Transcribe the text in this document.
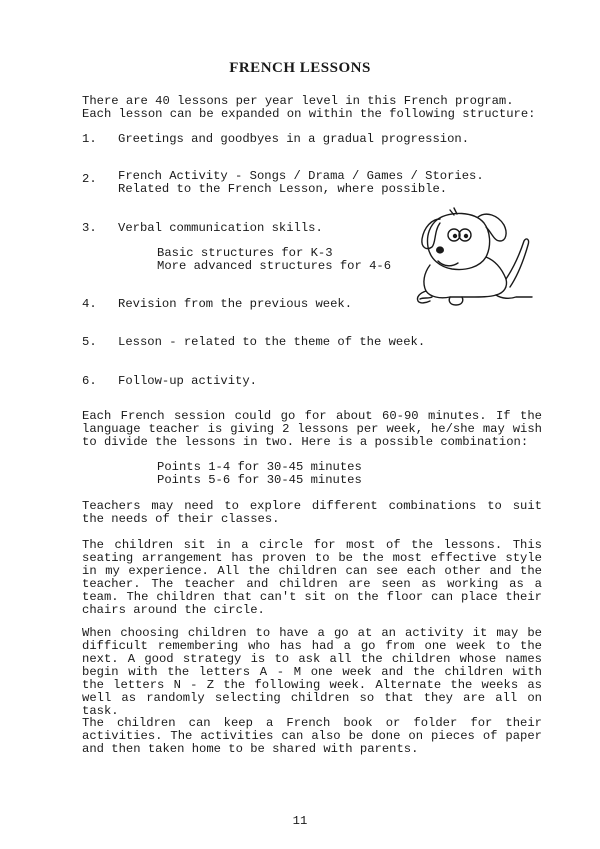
FRENCH LESSONS

There are 40 lessons per year level in this French program.
Each lesson can be expanded on within the following structure:

1. Greetings and goodbyes in a gradual progression.
2. French Activity - Songs / Drama / Games / Stories.
Related to the French Lesson, where possible.
3. Verbal communication skills.
Basic structures for K-3
More advanced structures for 4-6
4. Revision from the previous week.
5. Lesson - related to the theme of the week.
6. Follow-up activity.

Each French session could go for about 60-90 minutes. If the language teacher is giving 2 lessons per week, he/she may wish to divide the lessons in two. Here is a possible combination:

Points 1-4 for 30-45 minutes
Points 5-6 for 30-45 minutes

Teachers may need to explore different combinations to suit the needs of their classes.

The children sit in a circle for most of the lessons. This seating arrangement has proven to be the most effective style in my experience. All the children can see each other and the teacher. The teacher and children are seen as working as a team. The children that can't sit on the floor can place their chairs around the circle.

When choosing children to have a go at an activity it may be difficult remembering who has had a go from one week to the next. A good strategy is to ask all the children whose names begin with the letters A - M one week and the children with the letters N - Z the following week. Alternate the weeks as well as randomly selecting children so that they are all on task.

The children can keep a French book or folder for their activities. The activities can also be done on pieces of paper and then taken home to be shared with parents.

11
